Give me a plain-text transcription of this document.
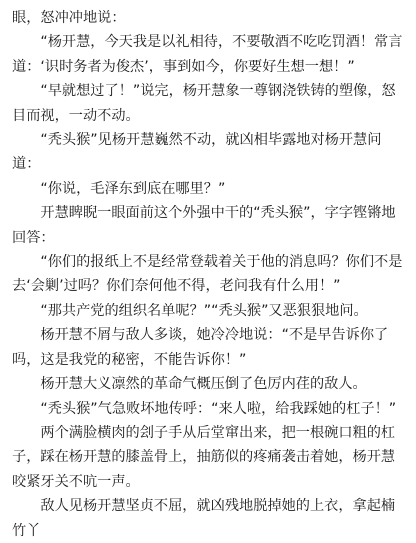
眼，怒冲冲地说：

“杨开慧，今天我是以礼相待，不要敬酒不吃吃罚酒！常言道：‘识时务者为俊杰’，事到如今，你要好生想一想！”

“早就想过了！”说完，杨开慧象一尊钢浇铁铸的塑像，怒目而视，一动不动。

“秃头猴”见杨开慧巍然不动，就凶相毕露地对杨开慧问道：

“你说，毛泽东到底在哪里？”

开慧睥睨一眼面前这个外强中干的“秃头猴”，字字铿锵地回答：

“你们的报纸上不是经常登载着关于他的消息吗？你们不是去‘会剿’过吗？你们奈何他不得，老问我有什么用！”

“那共产党的组织名单呢？”“秃头猴”又恶狠狠地问。

杨开慧不屑与敌人多谈，她冷冷地说：“不是早告诉你了吗，这是我党的秘密，不能告诉你！”

杨开慧大义凛然的革命气概压倒了色厉内荏的敌人。

“秃头猴”气急败坏地传呼：“来人啦，给我踩她的杠子！”

两个满脸横肉的刽子手从后堂窜出来，把一根碗口粗的杠子，踩在杨开慧的膝盖骨上，抽筋似的疼痛袭击着她，杨开慧咬紧牙关不吭一声。

敌人见杨开慧坚贞不屈，就凶残地脱掉她的上衣，拿起楠竹丫
